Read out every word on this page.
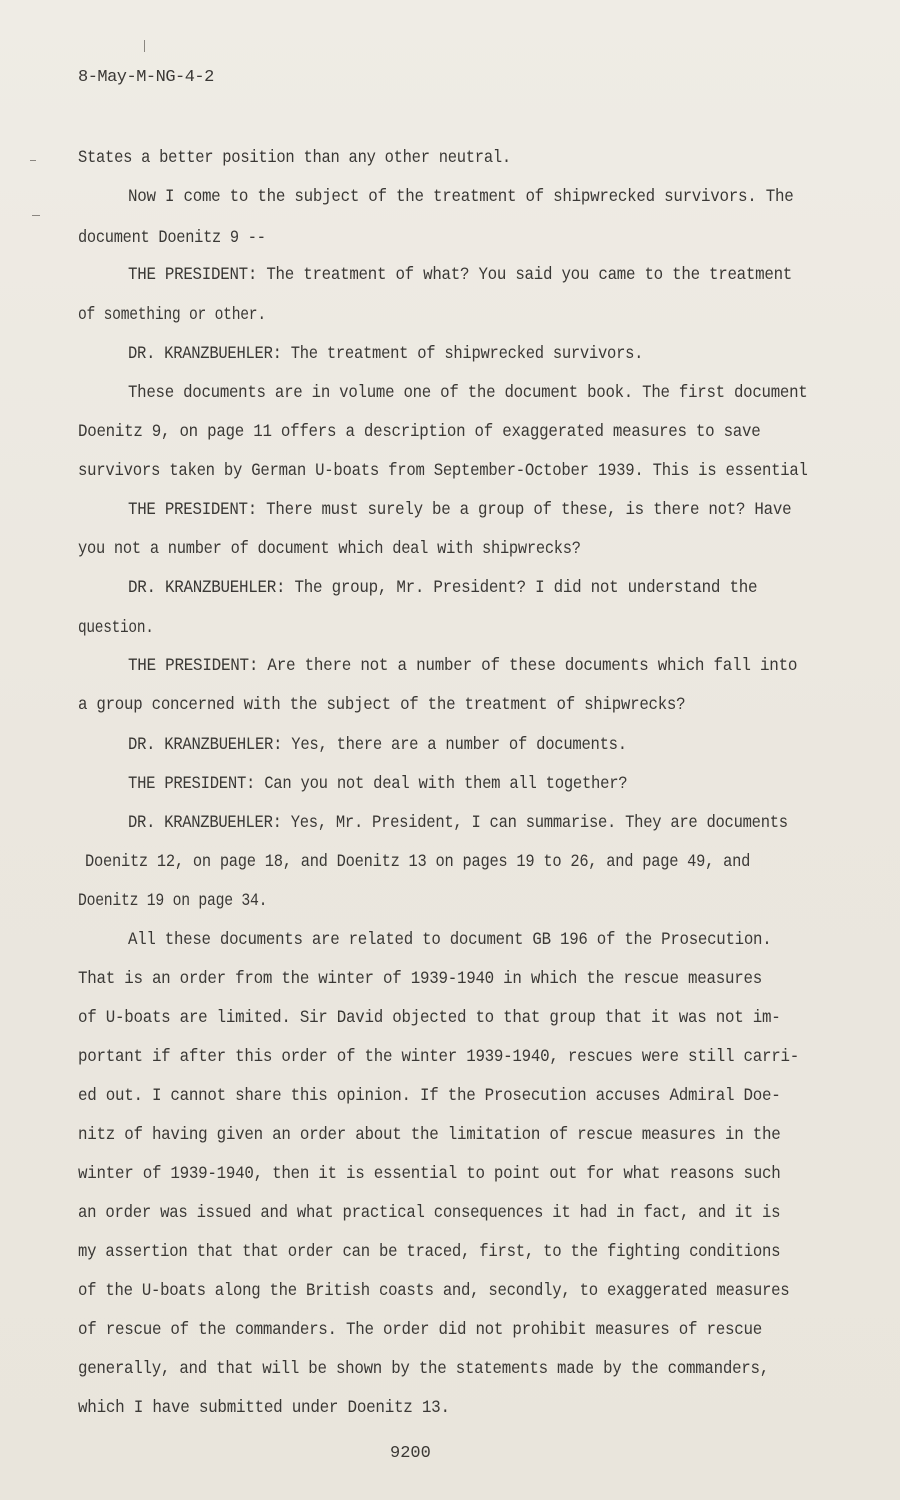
8-May-M-NG-4-2
States a better position than any other neutral.
Now I come to the subject of the treatment of shipwrecked survivors. The
document Doenitz 9 --
THE PRESIDENT: The treatment of what? You said you came to the treatment
of something or other.
DR. KRANZBUEHLER: The treatment of shipwrecked survivors.
These documents are in volume one of the document book. The first document
Doenitz 9, on page 11 offers a description of exaggerated measures to save
survivors taken by German U-boats from September-October 1939. This is essential
THE PRESIDENT: There must surely be a group of these, is there not? Have
you not a number of document which deal with shipwrecks?
DR. KRANZBUEHLER: The group, Mr. President? I did not understand the
question.
THE PRESIDENT: Are there not a number of these documents which fall into
a group concerned with the subject of the treatment of shipwrecks?
DR. KRANZBUEHLER: Yes, there are a number of documents.
THE PRESIDENT: Can you not deal with them all together?
DR. KRANZBUEHLER: Yes, Mr. President, I can summarise. They are documents
Doenitz 12, on page 18, and Doenitz 13 on pages 19 to 26, and page 49, and
Doenitz 19 on page 34.
All these documents are related to document GB 196 of the Prosecution.
That is an order from the winter of 1939-1940 in which the rescue measures
of U-boats are limited. Sir David objected to that group that it was not im-
portant if after this order of the winter 1939-1940, rescues were still carri-
ed out. I cannot share this opinion. If the Prosecution accuses Admiral Doe-
nitz of having given an order about the limitation of rescue measures in the
winter of 1939-1940, then it is essential to point out for what reasons such
an order was issued and what practical consequences it had in fact, and it is
my assertion that that order can be traced, first, to the fighting conditions
of the U-boats along the British coasts and, secondly, to exaggerated measures
of rescue of the commanders. The order did not prohibit measures of rescue
generally, and that will be shown by the statements made by the commanders,
which I have submitted under Doenitz 13.
9200
